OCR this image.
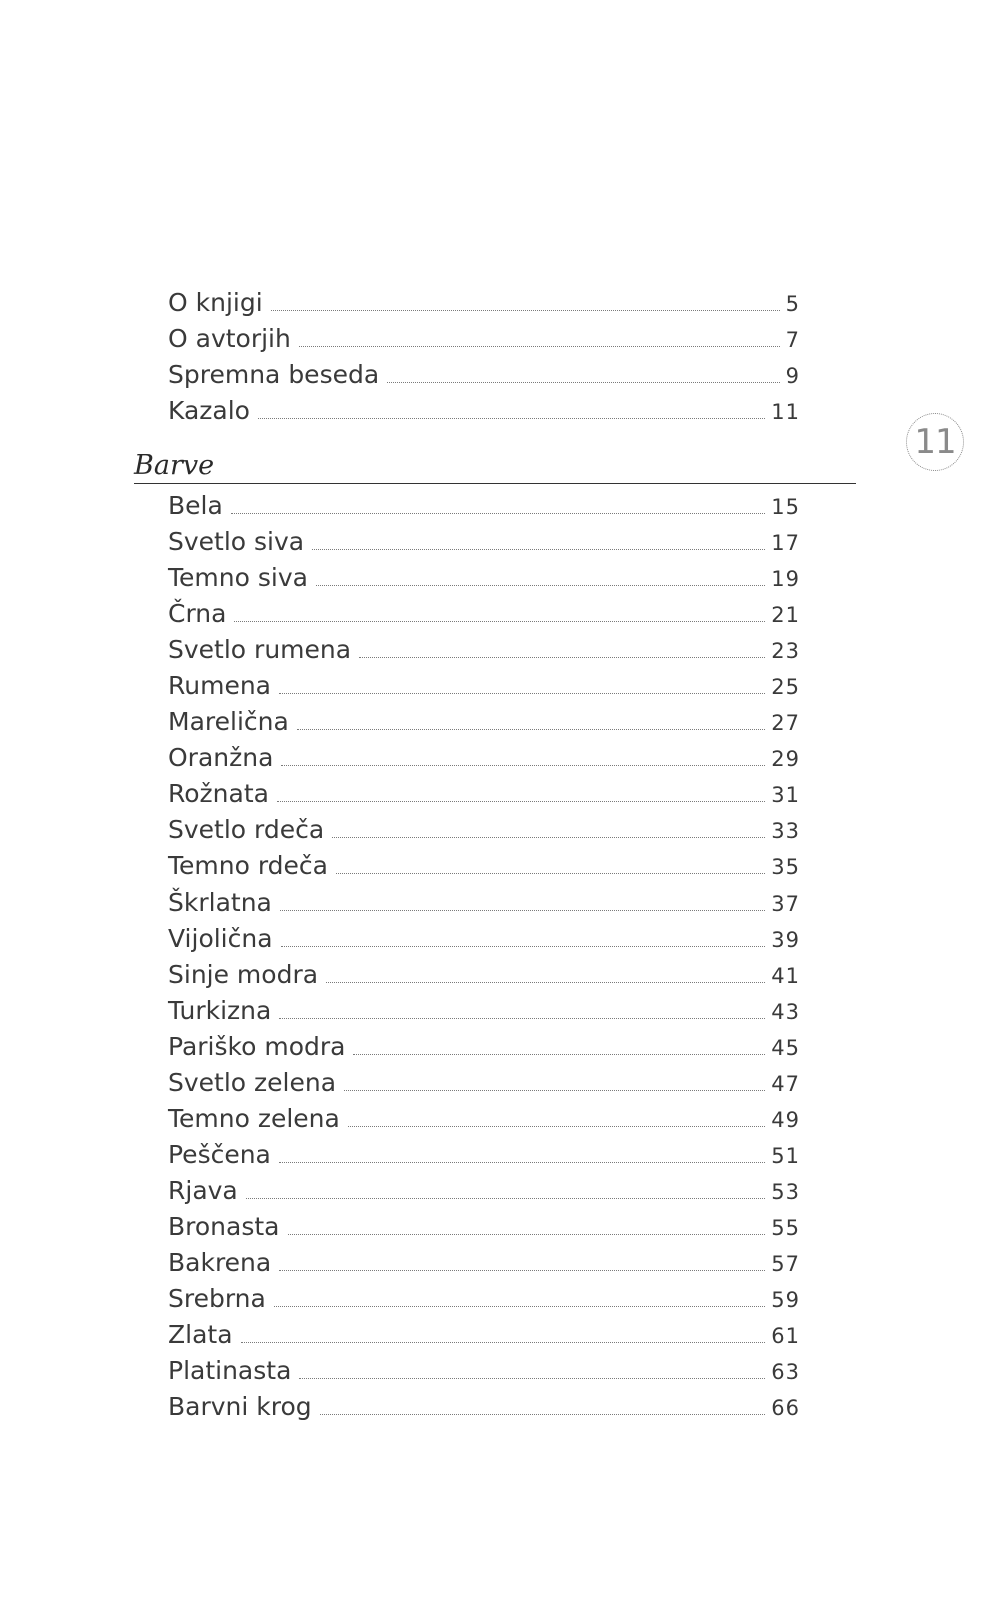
O knjigi	5
O avtorjih	7
Spremna beseda	9
Kazalo	11
Barve
11
Bela	15
Svetlo siva	17
Temno siva	19
Črna	21
Svetlo rumena	23
Rumena	25
Marelična	27
Oranžna	29
Rožnata	31
Svetlo rdeča	33
Temno rdeča	35
Škrlatna	37
Vijolična	39
Sinje modra	41
Turkizna	43
Pariško modra	45
Svetlo zelena	47
Temno zelena	49
Peščena	51
Rjava	53
Bronasta	55
Bakrena	57
Srebrna	59
Zlata	61
Platinasta	63
Barvni krog	66
